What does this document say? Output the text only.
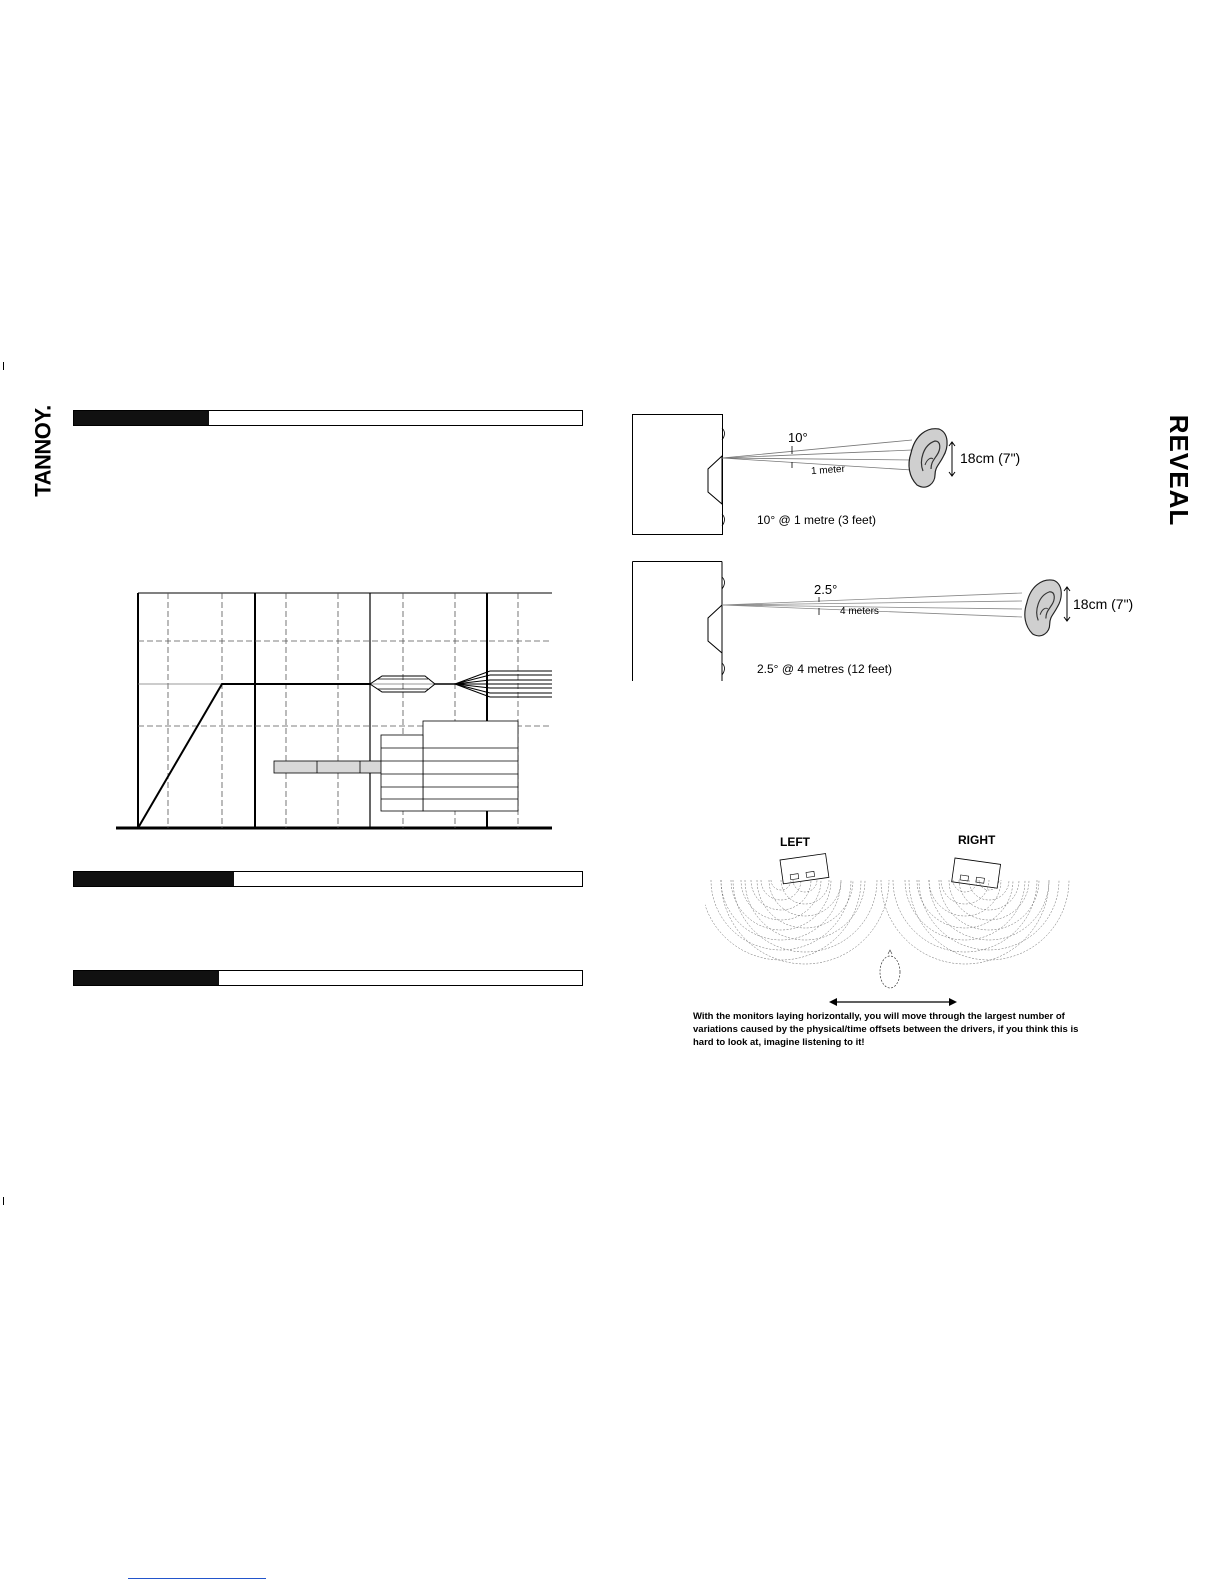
TANNOY.	REVEAL
10°
1 meter
18cm (7")
10° @ 1 metre (3 feet)
2.5°
4 meters	18cm (7")
2.5° @ 4 metres (12 feet)
LEFT	RIGHT
With the monitors laying horizontally, you will move through the largest number of variations caused by the physical/time offsets between the drivers, if you think this is hard to look at, imagine listening to it!
